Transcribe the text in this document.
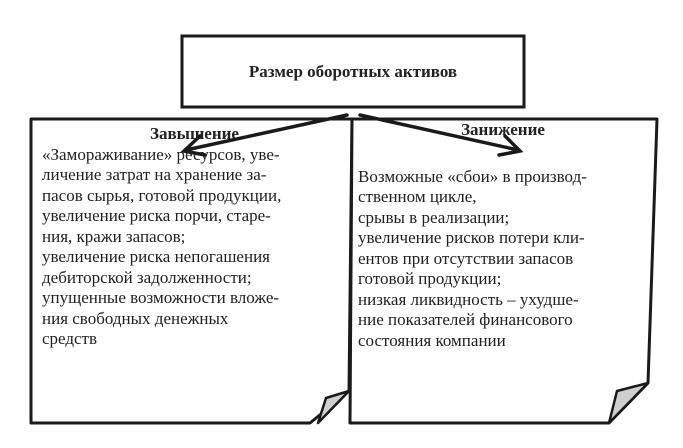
Размер оборотных активов
Завышение

«Замораживание» ресурсов, уве-
личение затрат на хранение за-
пасов сырья, готовой продукции,
увеличение риска порчи, старе-
ния, кражи запасов;
увеличение риска непогашения
дебиторской задолженности;
упущенные возможности вложе-
ния свободных денежных
средств

Занижение

Возможные «сбои» в производ-
ственном цикле,
срывы в реализации;
увеличение рисков потери кли-
ентов при отсутствии запасов
готовой продукции;
низкая ликвидность – ухудше-
ние показателей финансового
состояния компании
